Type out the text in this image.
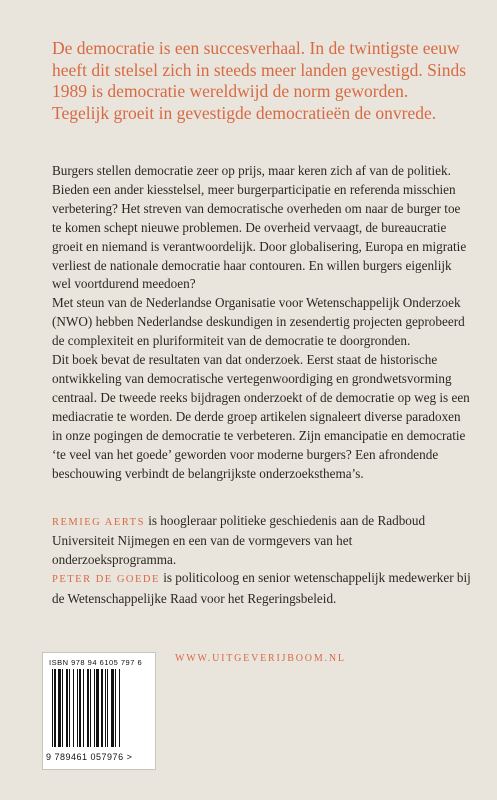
De democratie is een succesverhaal. In de twintigste eeuw heeft dit stelsel zich in steeds meer landen gevestigd. Sinds 1989 is democratie wereldwijd de norm geworden. Tegelijk groeit in gevestigde democratieën de onvrede.

Burgers stellen democratie zeer op prijs, maar keren zich af van de politiek. Bieden een ander kiesstelsel, meer burgerparticipatie en referenda misschien verbetering? Het streven van democratische overheden om naar de burger toe te komen schept nieuwe problemen. De overheid vervaagt, de bureaucratie groeit en niemand is verantwoordelijk. Door globalisering, Europa en migratie verliest de nationale democratie haar contouren. En willen burgers eigenlijk wel voortdurend meedoen?

Met steun van de Nederlandse Organisatie voor Wetenschappelijk Onderzoek (NWO) hebben Nederlandse deskundigen in zesendertig projecten geprobeerd de complexiteit en pluriformiteit van de democratie te doorgronden.

Dit boek bevat de resultaten van dat onderzoek. Eerst staat de historische ontwikkeling van democratische vertegenwoordiging en grondwetsvorming centraal. De tweede reeks bijdragen onderzoekt of de democratie op weg is een mediacratie te worden. De derde groep artikelen signaleert diverse paradoxen in onze pogingen de democratie te verbeteren. Zijn emancipatie en democratie ‘te veel van het goede’ geworden voor moderne burgers? Een afrondende beschouwing verbindt de belangrijkste onderzoeksthema’s.

REMIEG AERTS is hoogleraar politieke geschiedenis aan de Radboud Universiteit Nijmegen en een van de vormgevers van het onderzoeksprogramma.

PETER DE GOEDE is politicoloog en senior wetenschappelijk medewerker bij de Wetenschappelijke Raad voor het Regeringsbeleid.

ISBN 978 94 6105 797 6
9 789461 057976 >
WWW.UITGEVERIJBOOM.NL
